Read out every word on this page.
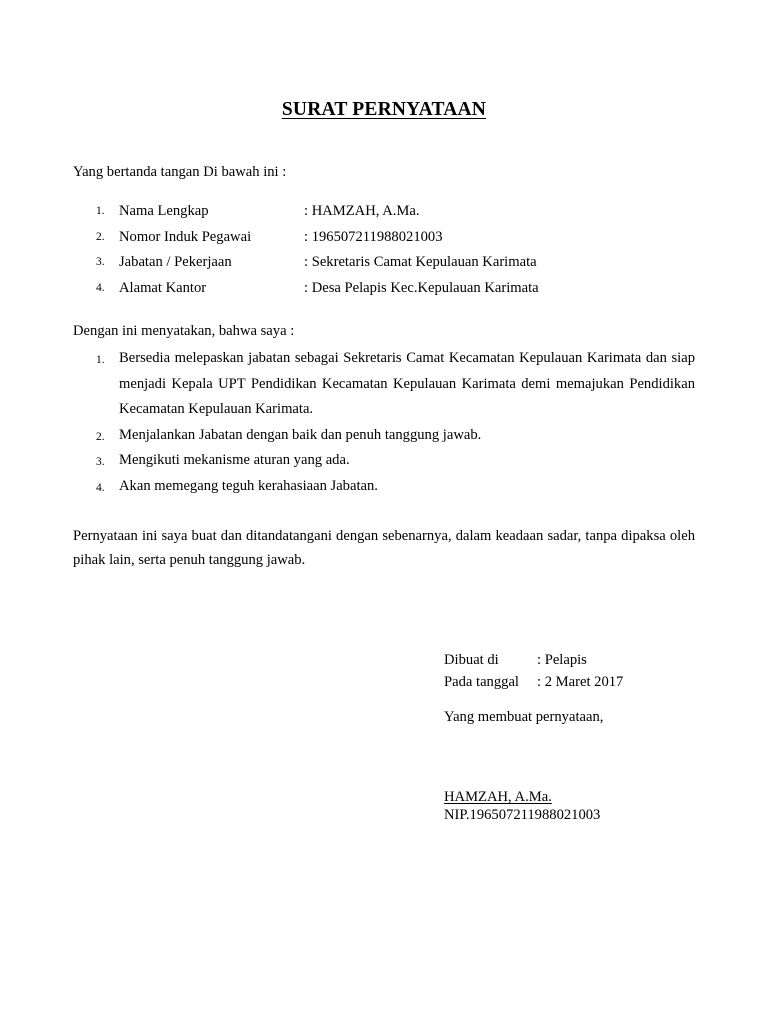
SURAT PERNYATAAN
Yang bertanda tangan Di bawah ini :
1. Nama Lengkap	: HAMZAH, A.Ma.
2. Nomor Induk Pegawai	: 196507211988021003
3. Jabatan / Pekerjaan	: Sekretaris Camat Kepulauan Karimata
4. Alamat Kantor	: Desa Pelapis Kec.Kepulauan Karimata
Dengan ini menyatakan, bahwa saya :
1. Bersedia melepaskan jabatan sebagai Sekretaris Camat Kecamatan Kepulauan Karimata dan siap menjadi Kepala UPT Pendidikan Kecamatan Kepulauan Karimata demi memajukan Pendidikan Kecamatan Kepulauan Karimata.
2. Menjalankan Jabatan dengan baik dan penuh tanggung jawab.
3. Mengikuti mekanisme aturan yang ada.
4. Akan memegang teguh kerahasiaan Jabatan.
Pernyataan ini saya buat dan ditandatangani dengan sebenarnya, dalam keadaan sadar, tanpa dipaksa oleh pihak lain, serta penuh tanggung jawab.
Dibuat di	: Pelapis
Pada tanggal : 2 Maret 2017
Yang membuat pernyataan,
HAMZAH, A.Ma.
NIP.196507211988021003
